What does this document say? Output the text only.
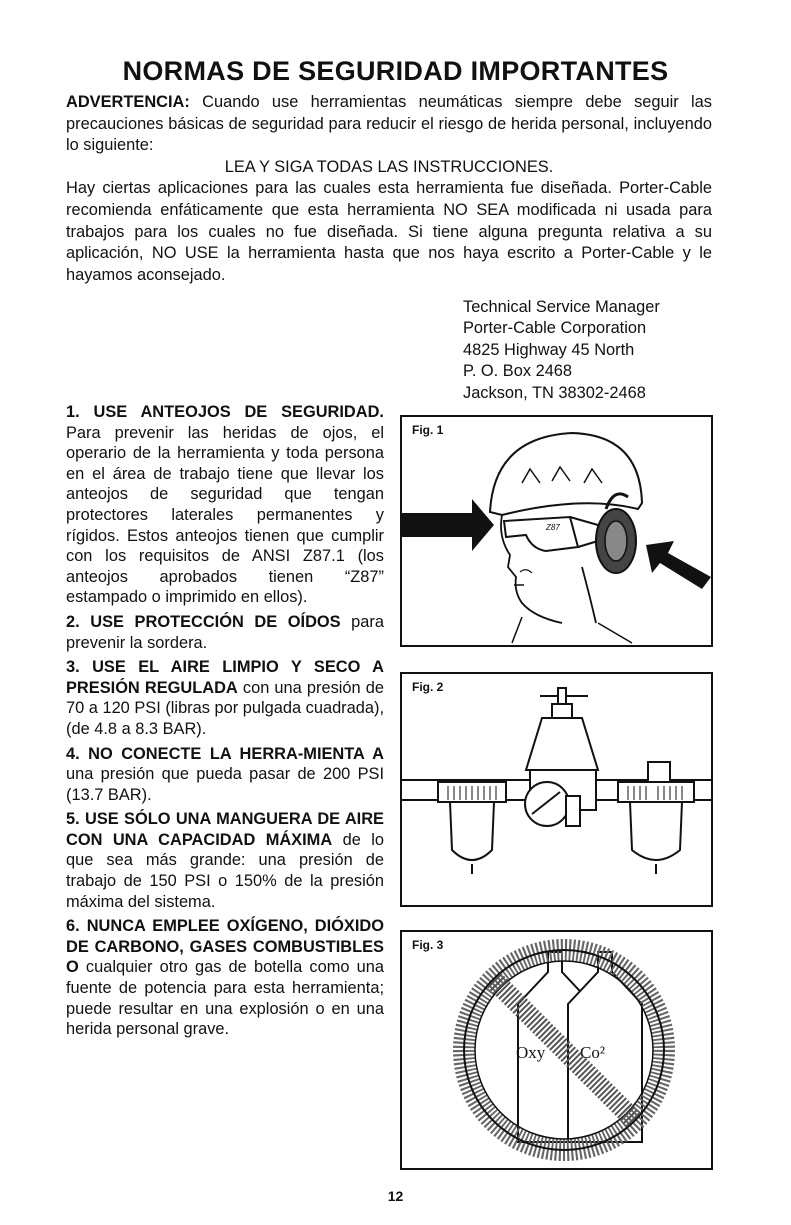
NORMAS DE SEGURIDAD IMPORTANTES

ADVERTENCIA: Cuando use herramientas neumáticas siempre debe seguir las precauciones básicas de seguridad para reducir el riesgo de herida personal, incluyendo lo siguiente:

LEA Y SIGA TODAS LAS INSTRUCCIONES.

Hay ciertas aplicaciones para las cuales esta herramienta fue diseñada. Porter-Cable recomienda enfáticamente que esta herramienta NO SEA modificada ni usada para trabajos para los cuales no fue diseñada. Si tiene alguna pregunta relativa a su aplicación, NO USE la herramienta hasta que nos haya escrito a Porter-Cable y le hayamos aconsejado.

Technical Service Manager
Porter-Cable Corporation
4825 Highway 45 North
P. O. Box 2468
Jackson, TN 38302-2468

1. USE ANTEOJOS DE SEGURIDAD. Para prevenir las heridas de ojos, el operario de la herramienta y toda persona en el área de trabajo tiene que llevar los anteojos de seguridad que tengan protectores laterales permanentes y rígidos. Estos anteojos tienen que cumplir con los requisitos de ANSI Z87.1 (los anteojos aprobados tienen “Z87” estampado o imprimido en ellos).

2. USE PROTECCIÓN DE OÍDOS para prevenir la sordera.

3. USE EL AIRE LIMPIO Y SECO A PRESIÓN REGULADA con una presión de 70 a 120 PSI (libras por pulgada cuadrada), (de 4.8 a 8.3 BAR).

4. NO CONECTE LA HERRA-MIENTA A una presión que pueda pasar de 200 PSI (13.7 BAR).

5. USE SÓLO UNA MANGUERA DE AIRE CON UNA CAPACIDAD MÁXIMA de lo que sea más grande: una presión de trabajo de 150 PSI o 150% de la presión máxima del sistema.

6. NUNCA EMPLEE OXÍGENO, DIÓXIDO DE CARBONO, GASES COMBUSTIBLES O cualquier otro gas de botella como una fuente de potencia para esta herramienta; puede resultar en una explosión o en una herida personal grave.

Z87
Fig. 1
Fig. 2
Oxy Co²
Fig. 3
12
